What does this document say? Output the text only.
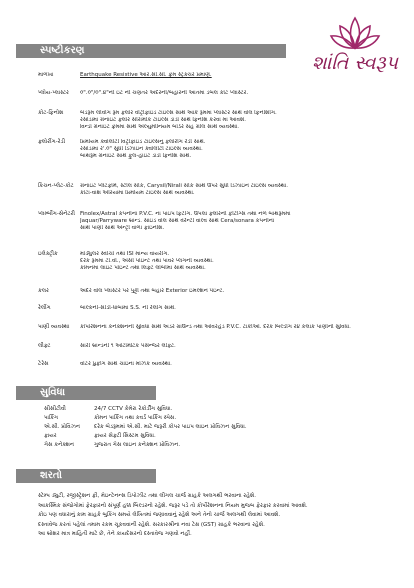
શાંતિ સ્વરૂપ
સ્પષ્ટીકરણ
માળખા	Earthquake Resistive આર.સી.સી. ફ્રેમ સ્ટ્રક્ચર પ્રમાણે.
પ્લોય-પ્લાસ્ટર	૦".૦"/૦".૪"ની ઇંટ ની ચણતર અંદરની/બહારની આતમાં ડબલ કોટ પ્લાસ્ટર.
કોટ-ફિનોશ	બેડરૂમ લીવીંગ રૂમ ફ્લોર વીટ્રીફાઇડ ટાઇલ્સ સાથે આંકે રૂમમાં પ્લાસ્ટર સાથે વોલ ફિનીશીંગ.
રસોડામાં ગ્રેનાઇટ ફ્લોર સીરામીક ટાઇલ્સ ડાડો સાથે ફિનીશ કરવા માં આવશે.
વિન્ડો ગ્રેનાઇટ ફ્રેમમાં સાથે એલ્યુમીનિયમ બોર્ડર સહ ગ્રીલ સાથે વ્યવસ્થા.
ફ્લોરીંગ-રેડી	પ્રિમીયમ ક્વોલીટી વિટ્રીફાઇડ ટાઇલ્સનું ફ્લોરીંગ રેડી સાથે.
રસોડામાં ર'.૦" સુધી ડિઝાઇન ક્વોલીટી ટાઇલ્સ વ્યવસ્થા.
બાથરૂમ ગ્રેનાઇટ સાથે ફુલ-હાઇટ ડાડો ફિનીશ સાથે.
કિચન-પ્લેટ-કોટ	ગ્રેનાઇટ પ્લેટફોર્મ, સ્ટીલ સીંક, Carysil/Nirali સીંક સાથે ઉપર સુધી ડિઝાઇન ટાઇલ્સ વ્યવસ્થા.
કોટા-વાશ એરિયામાં પ્રિમીયમ ટાઇલ્સ સાથે વ્યવસ્થા.
પ્લમ્બીંગ-સેનેટરી Finolex/Astral કંપનીના P.V.C. ના પાઇપ ફિટીંગ. ઉપલા ફ્લોરની ફીટીંગ્સ તથા નળ બાથરૂમમાં
Jaquar/Parryware બ્રાન્ડ. સાઇડ વોલ સાથે વેરેન્ટી વાલ્વ સાથે Cera/sonara કંપનીના
સાથે પાણી સાથે એન્ટ્રી વાળા ફાઇનીશ.
ઇલેક્ટ્રીક	મોડ્યુલર સ્વીચો તથા ISI માન્ય વાયરીંગ.
દરેક રૂમમાં ટી.વી., એસી પોઇન્ટ તથા પાવર પ્લગની વ્યવસ્થા.
કોમનમાં લાઇટ પોઇન્ટ તથા લિફ્ટ લોબીમાં સાથે વ્યવસ્થા.
કલર	અંદર વોલ પ્લાસ્ટર પર પુટ્ટી તથા બહાર Exterior ઇમલ્શન પેઇન્ટ.
રેલીંગ	બાલ્કની-સીડી-ધાબામાં S.S. ની રેલીંગ સાથે.
પાણી વ્યવસ્થા	કોર્પોરેશનના કનેક્શનની સુવિધા સાથે અંડર ગ્રાઉન્ડ તથા ઓવરહેડ P.V.C. ટાંકીઓ. દરેક બિલ્ડીંગ ર૪ કલાક પાણીની સુવિધા.
લીફ્ટ	સારી બ્રાન્ડની ૧ ઓટોમેટિક પેસેન્જર લીફ્ટ.
ટેરેસ	વોટર પ્રુફીંગ સાથે ચાઇના મોઝેક વ્યવસ્થા.
સુવિધા
સીસીટીવી	24/7 CCTV કેમેરા રેકોર્ડીંગ સુવિધા.
પાર્કિંગ	કોમન પાર્કિંગ તથા કવર્ડ પાર્કિંગ સ્પેસ.
એ.સી. પ્રોવિઝન	દરેક બેડરૂમમાં એ.સી. માટે જરૂરી કોપર પાઇપ લાઇન પ્રોવિઝન સુવિધા.
ફાયર	ફાયર સેફ્ટી સિસ્ટમ સુવિધા.
ગેસ કનેક્શન	ગુજરાત ગેસ લાઇન કનેક્શન પ્રોવિઝન.
શરતો
સ્ટેમ્પ ડ્યુટી, રજીસ્ટ્રેશન ફી, મેઇન્ટેનન્સ ડિપોઝીટ તથા લીગલ ચાર્જ ગ્રાહકે અલગથી ભરવાના રહેશે.
આકસ્મિક સંજોગોમાં ફેરફારનો સંપૂર્ણ હક્ક બિલ્ડરનો રહેશે. જરૂર પડે તો કોર્પોરેશનના નિયમ મુજબ ફેરફાર કરવામાં આવશે.
કોઇ પણ વધારાનું કામ ગ્રાહકે બુકિંગ સમયે લેખિતમાં જણાવવાનું રહેશે અને તેનો ચાર્જ અલગથી લેવામાં આવશે.
દસ્તાવેજ કરતાં પહેલાં તમામ રકમ ચૂકવવાની રહેશે. સરકારશ્રીના નવા ટેક્ષ (GST) ગ્રાહકે ભરવાના રહેશે.
આ બ્રોશર માત્ર માહિતી માટે છે, તેને કાયદેસરનો દસ્તાવેજ ગણવો નહીં.
